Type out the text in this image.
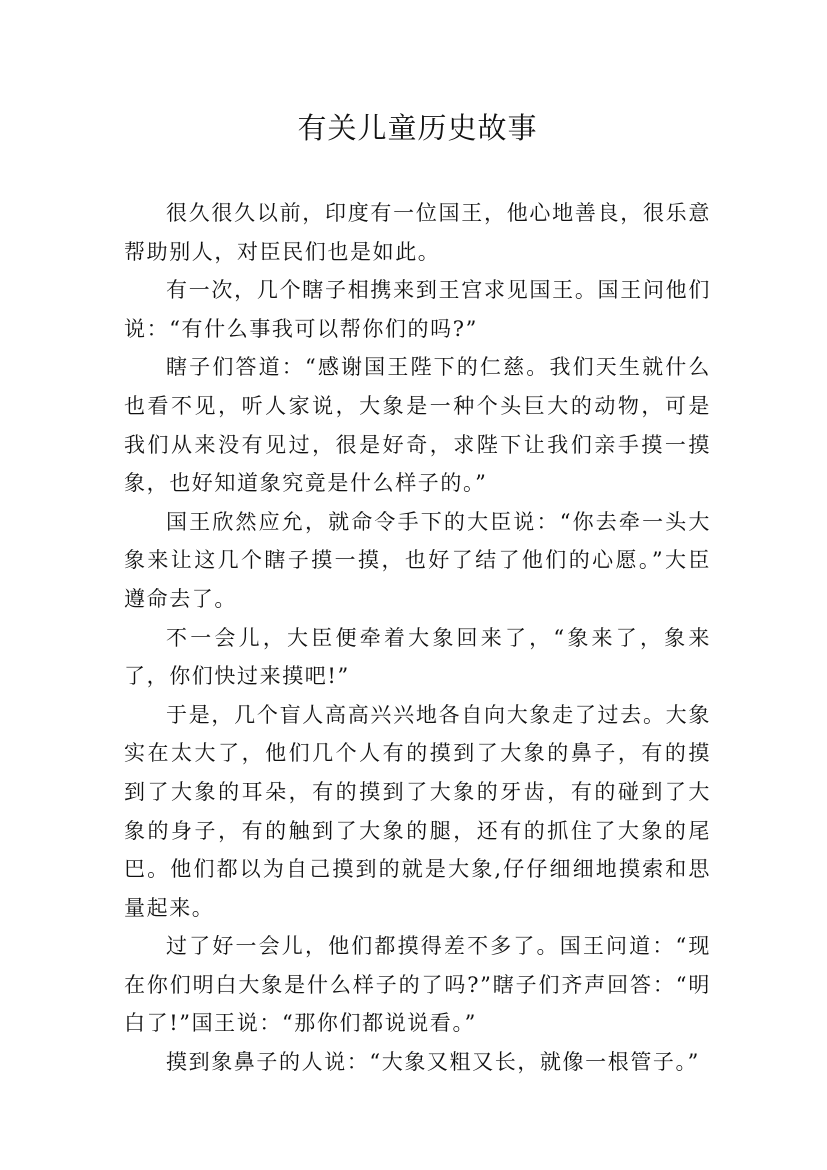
有关儿童历史故事

很久很久以前，印度有一位国王，他心地善良，很乐意帮助别人，对臣民们也是如此。

有一次，几个瞎子相携来到王宫求见国王。国王问他们说：“有什么事我可以帮你们的吗?”

瞎子们答道：“感谢国王陛下的仁慈。我们天生就什么也看不见，听人家说，大象是一种个头巨大的动物，可是我们从来没有见过，很是好奇，求陛下让我们亲手摸一摸象，也好知道象究竟是什么样子的。”

国王欣然应允，就命令手下的大臣说：“你去牵一头大象来让这几个瞎子摸一摸，也好了结了他们的心愿。”大臣遵命去了。

不一会儿，大臣便牵着大象回来了，“象来了，象来了，你们快过来摸吧!”

于是，几个盲人高高兴兴地各自向大象走了过去。大象实在太大了，他们几个人有的摸到了大象的鼻子，有的摸到了大象的耳朵，有的摸到了大象的牙齿，有的碰到了大象的身子，有的触到了大象的腿，还有的抓住了大象的尾巴。他们都以为自己摸到的就是大象,仔仔细细地摸索和思量起来。

过了好一会儿，他们都摸得差不多了。国王问道：“现在你们明白大象是什么样子的了吗?”瞎子们齐声回答：“明白了!”国王说：“那你们都说说看。”

摸到象鼻子的人说：“大象又粗又长，就像一根管子。”
